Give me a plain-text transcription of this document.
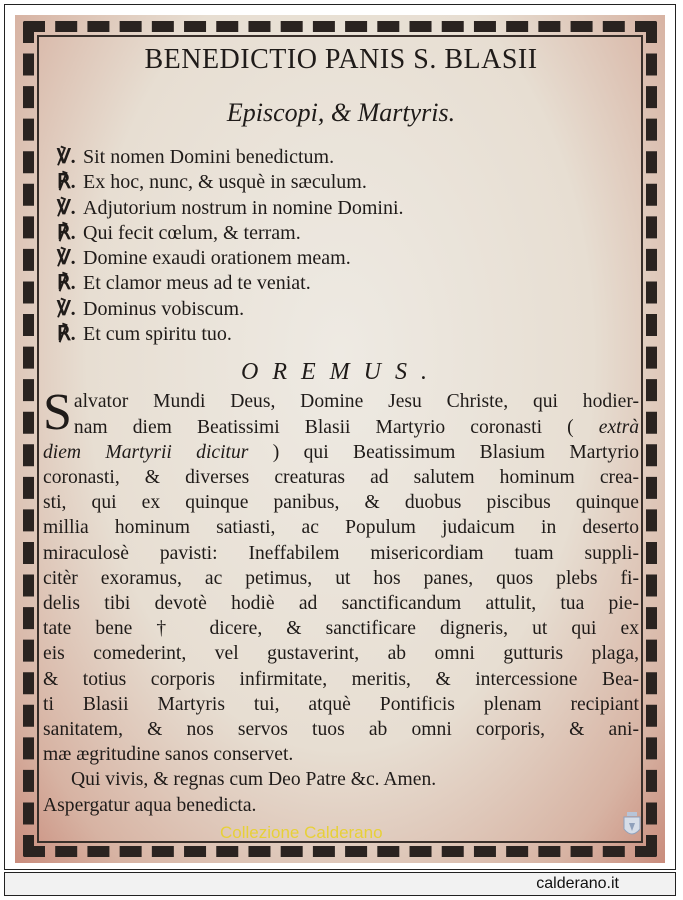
BENEDICTIO PANIS S. BLASII
Episcopi, & Martyris.
℣. Sit nomen Domini benedictum.
℟. Ex hoc, nunc, & usquè in sæculum.
℣. Adjutorium nostrum in nomine Domini.
℟. Qui fecit cœlum, & terram.
℣. Domine exaudi orationem meam.
℟. Et clamor meus ad te veniat.
℣. Dominus vobiscum.
℟. Et cum spiritu tuo.
OREMUS.
S alvator Mundi Deus, Domine Jesu Christe, qui hodier-
nam diem Beatissimi Blasii Martyrio coronasti ( extrà
diem Martyrii dicitur ) qui Beatissimum Blasium Martyrio
coronasti, & diverses creaturas ad salutem hominum crea-
sti, qui ex quinque panibus, & duobus piscibus quinque
millia hominum satiasti, ac Populum judaicum in deserto
miraculosè pavisti: Ineffabilem misericordiam tuam suppli-
citèr exoramus, ac petimus, ut hos panes, quos plebs fi-
delis tibi devotè hodiè ad sanctificandum attulit, tua pie-
tate bene † dicere, & sanctificare digneris, ut qui ex
eis comederint, vel gustaverint, ab omni gutturis plaga,
& totius corporis infirmitate, meritis, & intercessione Bea-
ti Blasii Martyris tui, atquè Pontificis plenam recipiant
sanitatem, & nos servos tuos ab omni corporis, & ani-
mæ ægritudine sanos conservet.
Qui vivis, & regnas cum Deo Patre &c. Amen.
Aspergatur aqua benedicta.
Collezione Calderano
calderano.it
